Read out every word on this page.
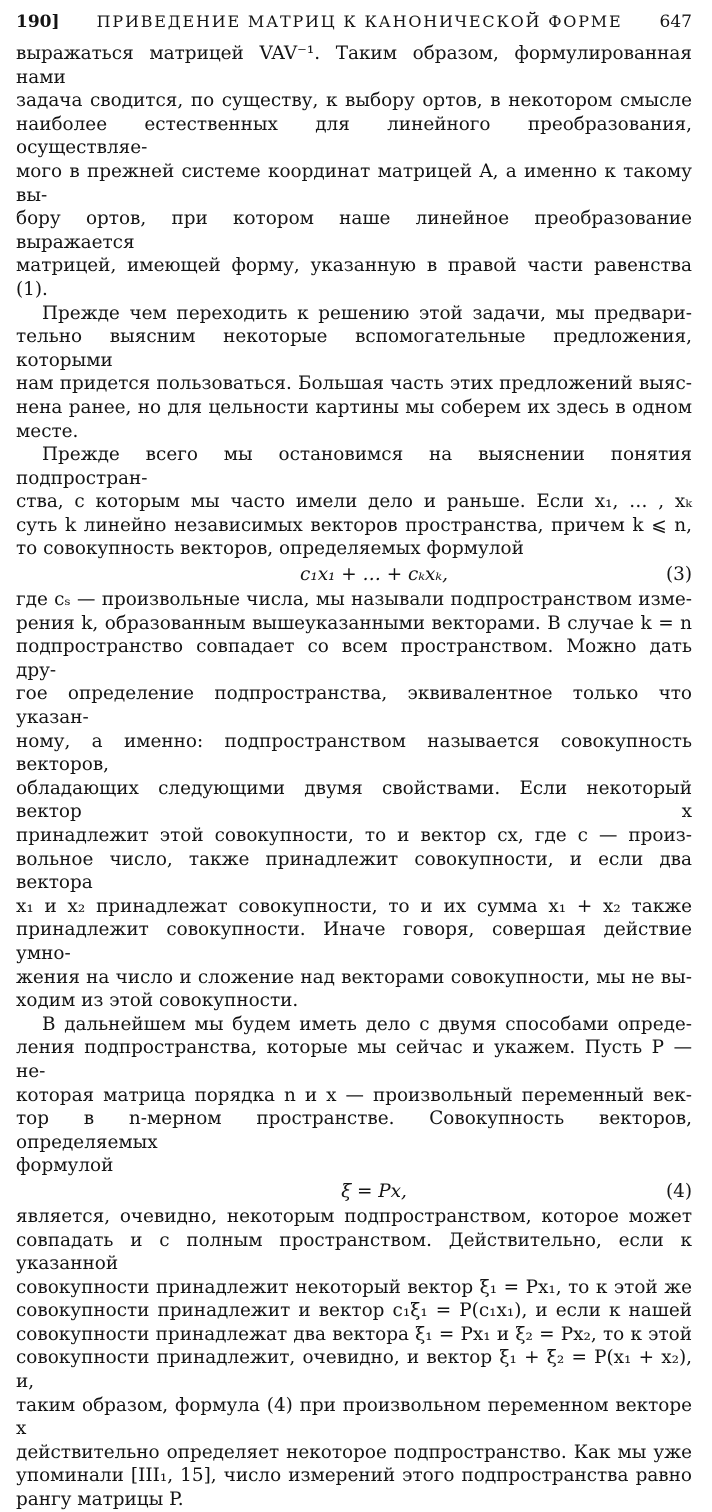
190] ПРИВЕДЕНИЕ МАТРИЦ К КАНОНИЧЕСКОЙ ФОРМЕ 647

выражаться матрицей VAV⁻¹. Таким образом, формулированная нами

задача сводится, по существу, к выбору ортов, в некотором смысле

наиболее естественных для линейного преобразования, осуществляе-

мого в прежней системе координат матрицей A, а именно к такому вы-

бору ортов, при котором наше линейное преобразование выражается

матрицей, имеющей форму, указанную в правой части равенства (1).

Прежде чем переходить к решению этой задачи, мы предвари-

тельно выясним некоторые вспомогательные предложения, которыми

нам придется пользоваться. Большая часть этих предложений выяс-

нена ранее, но для цельности картины мы соберем их здесь в одном

месте.

Прежде всего мы остановимся на выяснении понятия подпростран-

ства, с которым мы часто имели дело и раньше. Если x₁, … , xₖ

суть k линейно независимых векторов пространства, причем k ⩽ n,

то совокупность векторов, определяемых формулой

c₁x₁ + … + cₖxₖ,	(3)

где cₛ — произвольные числа, мы называли подпространством изме-

рения k, образованным вышеуказанными векторами. В случае k = n

подпространство совпадает со всем пространством. Можно дать дру-

гое определение подпространства, эквивалентное только что указан-

ному, а именно: подпространством называется совокупность векторов,

обладающих следующими двумя свойствами. Если некоторый вектор x

принадлежит этой совокупности, то и вектор cx, где c — произ-

вольное число, также принадлежит совокупности, и если два вектора

x₁ и x₂ принадлежат совокупности, то и их сумма x₁ + x₂ также

принадлежит совокупности. Иначе говоря, совершая действие умно-

жения на число и сложение над векторами совокупности, мы не вы-

ходим из этой совокупности.

В дальнейшем мы будем иметь дело с двумя способами опреде-

ления подпространства, которые мы сейчас и укажем. Пусть P — не-

которая матрица порядка n и x — произвольный переменный век-

тор в n-мерном пространстве. Совокупность векторов, определяемых

формулой

ξ = Px,	(4)

является, очевидно, некоторым подпространством, которое может

совпадать и с полным пространством. Действительно, если к указанной

совокупности принадлежит некоторый вектор ξ₁ = Px₁, то к этой же

совокупности принадлежит и вектор c₁ξ₁ = P(c₁x₁), и если к нашей

совокупности принадлежат два вектора ξ₁ = Px₁ и ξ₂ = Px₂, то к этой

совокупности принадлежит, очевидно, и вектор ξ₁ + ξ₂ = P(x₁ + x₂), и,

таким образом, формула (4) при произвольном переменном векторе x

действительно определяет некоторое подпространство. Как мы уже

упоминали [III₁, 15], число измерений этого подпространства равно

рангу матрицы P.
